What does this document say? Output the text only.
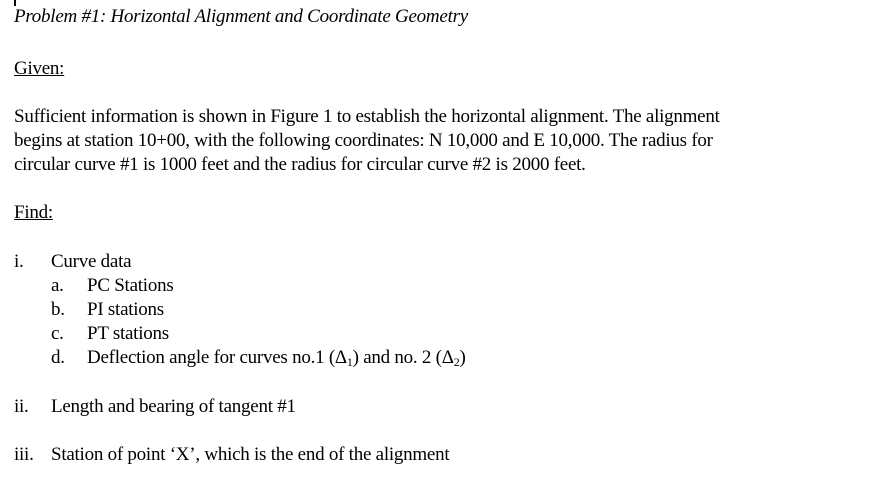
Problem #1: Horizontal Alignment and Coordinate Geometry
Given:
Sufficient information is shown in Figure 1 to establish the horizontal alignment. The alignment
begins at station 10+00, with the following coordinates: N 10,000 and E 10,000. The radius for
circular curve #1 is 1000 feet and the radius for circular curve #2 is 2000 feet.
Find:
i. Curve data
a. PC Stations
b. PI stations
c. PT stations
d. Deflection angle for curves no.1 (Δ1) and no. 2 (Δ2)
ii. Length and bearing of tangent #1
iii. Station of point ‘X’, which is the end of the alignment
